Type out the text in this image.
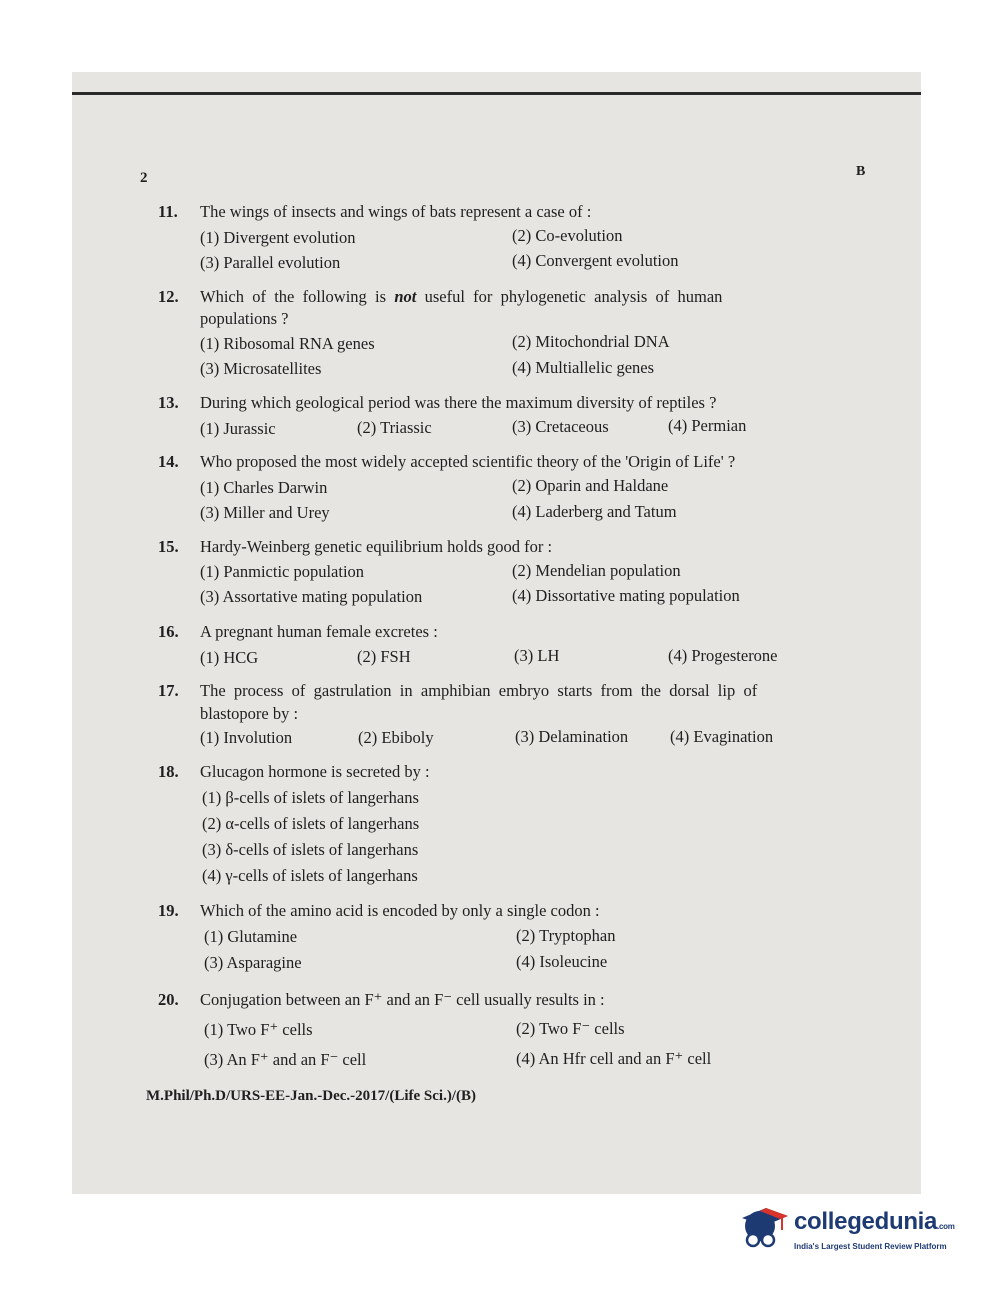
2	B
11.	The wings of insects and wings of bats represent a case of :
(1) Divergent evolution	(2) Co-evolution
(3) Parallel evolution	(4) Convergent evolution
12.	Which  of  the  following  is  not  useful  for  phylogenetic  analysis  of  human
populations ?
(1) Ribosomal RNA genes	(2) Mitochondrial DNA
(3) Microsatellites	(4) Multiallelic genes
13.	During which geological period was there the maximum diversity of reptiles ?
(1) Jurassic	(2) Triassic	(3) Cretaceous	(4) Permian
14.	Who proposed the most widely accepted scientific theory of the 'Origin of Life' ?
(1) Charles Darwin	(2) Oparin and Haldane
(3) Miller and Urey	(4) Laderberg and Tatum
15.	Hardy-Weinberg genetic equilibrium holds good for :
(1) Panmictic population	(2) Mendelian population
(3) Assortative mating population	(4) Dissortative mating population
16.	A pregnant human female excretes :
(1) HCG	(2) FSH	(3) LH	(4) Progesterone
17.	The  process  of  gastrulation  in  amphibian  embryo  starts  from  the  dorsal  lip  of
blastopore by :
(1) Involution	(2) Ebiboly	(3) Delamination	(4) Evagination
18.	Glucagon hormone is secreted by :
(1) β-cells of islets of langerhans
(2) α-cells of islets of langerhans
(3) δ-cells of islets of langerhans
(4) γ-cells of islets of langerhans
19.	Which of the amino acid is encoded by only a single codon :
(1) Glutamine	(2) Tryptophan
(3) Asparagine	(4) Isoleucine
20.	Conjugation between an F⁺ and an F⁻ cell usually results in :
(1) Two F⁺ cells	(2) Two F⁻ cells
(3) An F⁺ and an F⁻ cell	(4) An Hfr cell and an F⁺ cell
M.Phil/Ph.D/URS-EE-Jan.-Dec.-2017/(Life Sci.)/(B)
collegedunia.com
India's Largest Student Review Platform
